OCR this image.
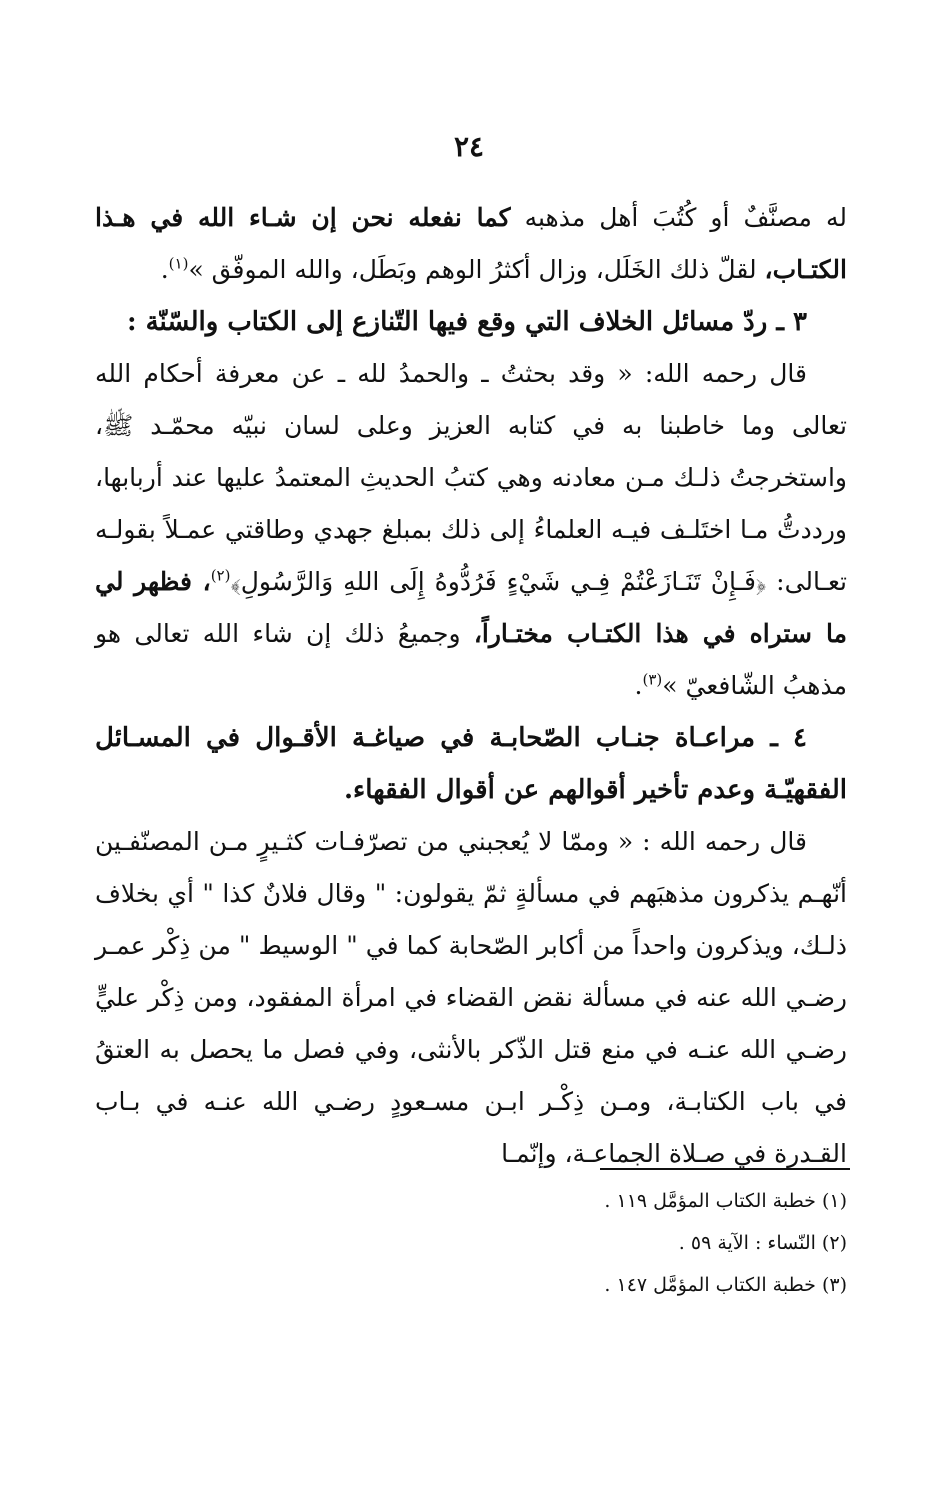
٢٤

له مصنَّفٌ أو كُتُبَ أهل مذهبه كما نفعله نحن إن شـاء الله في هـذا الكتـاب، لقلّ ذلك الخَلَل، وزال أكثرُ الوهم وبَطَل، والله الموفّق »$^{(١)}$.

٣ ـ ردّ مسائل الخلاف التي وقع فيها التّنازع إلى الكتاب والسّنّة :

قال رحمه الله: « وقد بحثتُ ـ والحمدُ لله ـ عن معرفة أحكام الله تعالى وما خاطبنا به في كتابه العزيز وعلى لسان نبيّه محمّـد ﷺ، واستخرجتُ ذلـك مـن معادنه وهي كتبُ الحديثِ المعتمدُ عليها عند أربابها، ورددتُّ مـا اختَلـف فيـه العلماءُ إلى ذلك بمبلغ جهدي وطاقتي عمـلاً بقولـه تعـالى: ﴿فَـإِنْ تَنَـازَعْتُمْ فِـي شَيْءٍ فَرُدُّوهُ إِلَى اللهِ وَالرَّسُولِ﴾$^{(٢)}$، فظهر لي ما ستراه في هذا الكتـاب مختـاراً، وجميعُ ذلك إن شاء الله تعالى هو مذهبُ الشّافعيّ »$^{(٣)}$.

٤ ـ مراعـاة جنـاب الصّحابـة في صياغـة الأقـوال في المسـائل الفقهيّـة وعدم تأخير أقوالهم عن أقوال الفقهاء.

قال رحمه الله : « وممّا لا يُعجبني من تصرّفـات كثـيرٍ مـن المصنّفـين أنّهـم يذكرون مذهبَهم في مسألةٍ ثمّ يقولون: " وقال فلانٌ كذا " أي بخلاف ذلـك، ويذكرون واحداً من أكابر الصّحابة كما في " الوسيط " من ذِكْر عمـر رضـي الله عنه في مسألة نقض القضاء في امرأة المفقود، ومن ذِكْر عليٍّ رضـي الله عنـه في منع قتل الذّكر بالأنثى، وفي فصل ما يحصل به العتقُ في باب الكتابـة، ومـن ذِكْـر ابـن مسـعودٍ رضـي الله عنـه في بـاب القـدرة في صـلاة الجماعـة، وإنّمـا

(١) خطبة الكتاب المؤمَّل ١١٩ .
(٢) النّساء : الآية ٥٩ .
(٣) خطبة الكتاب المؤمَّل ١٤٧ .
